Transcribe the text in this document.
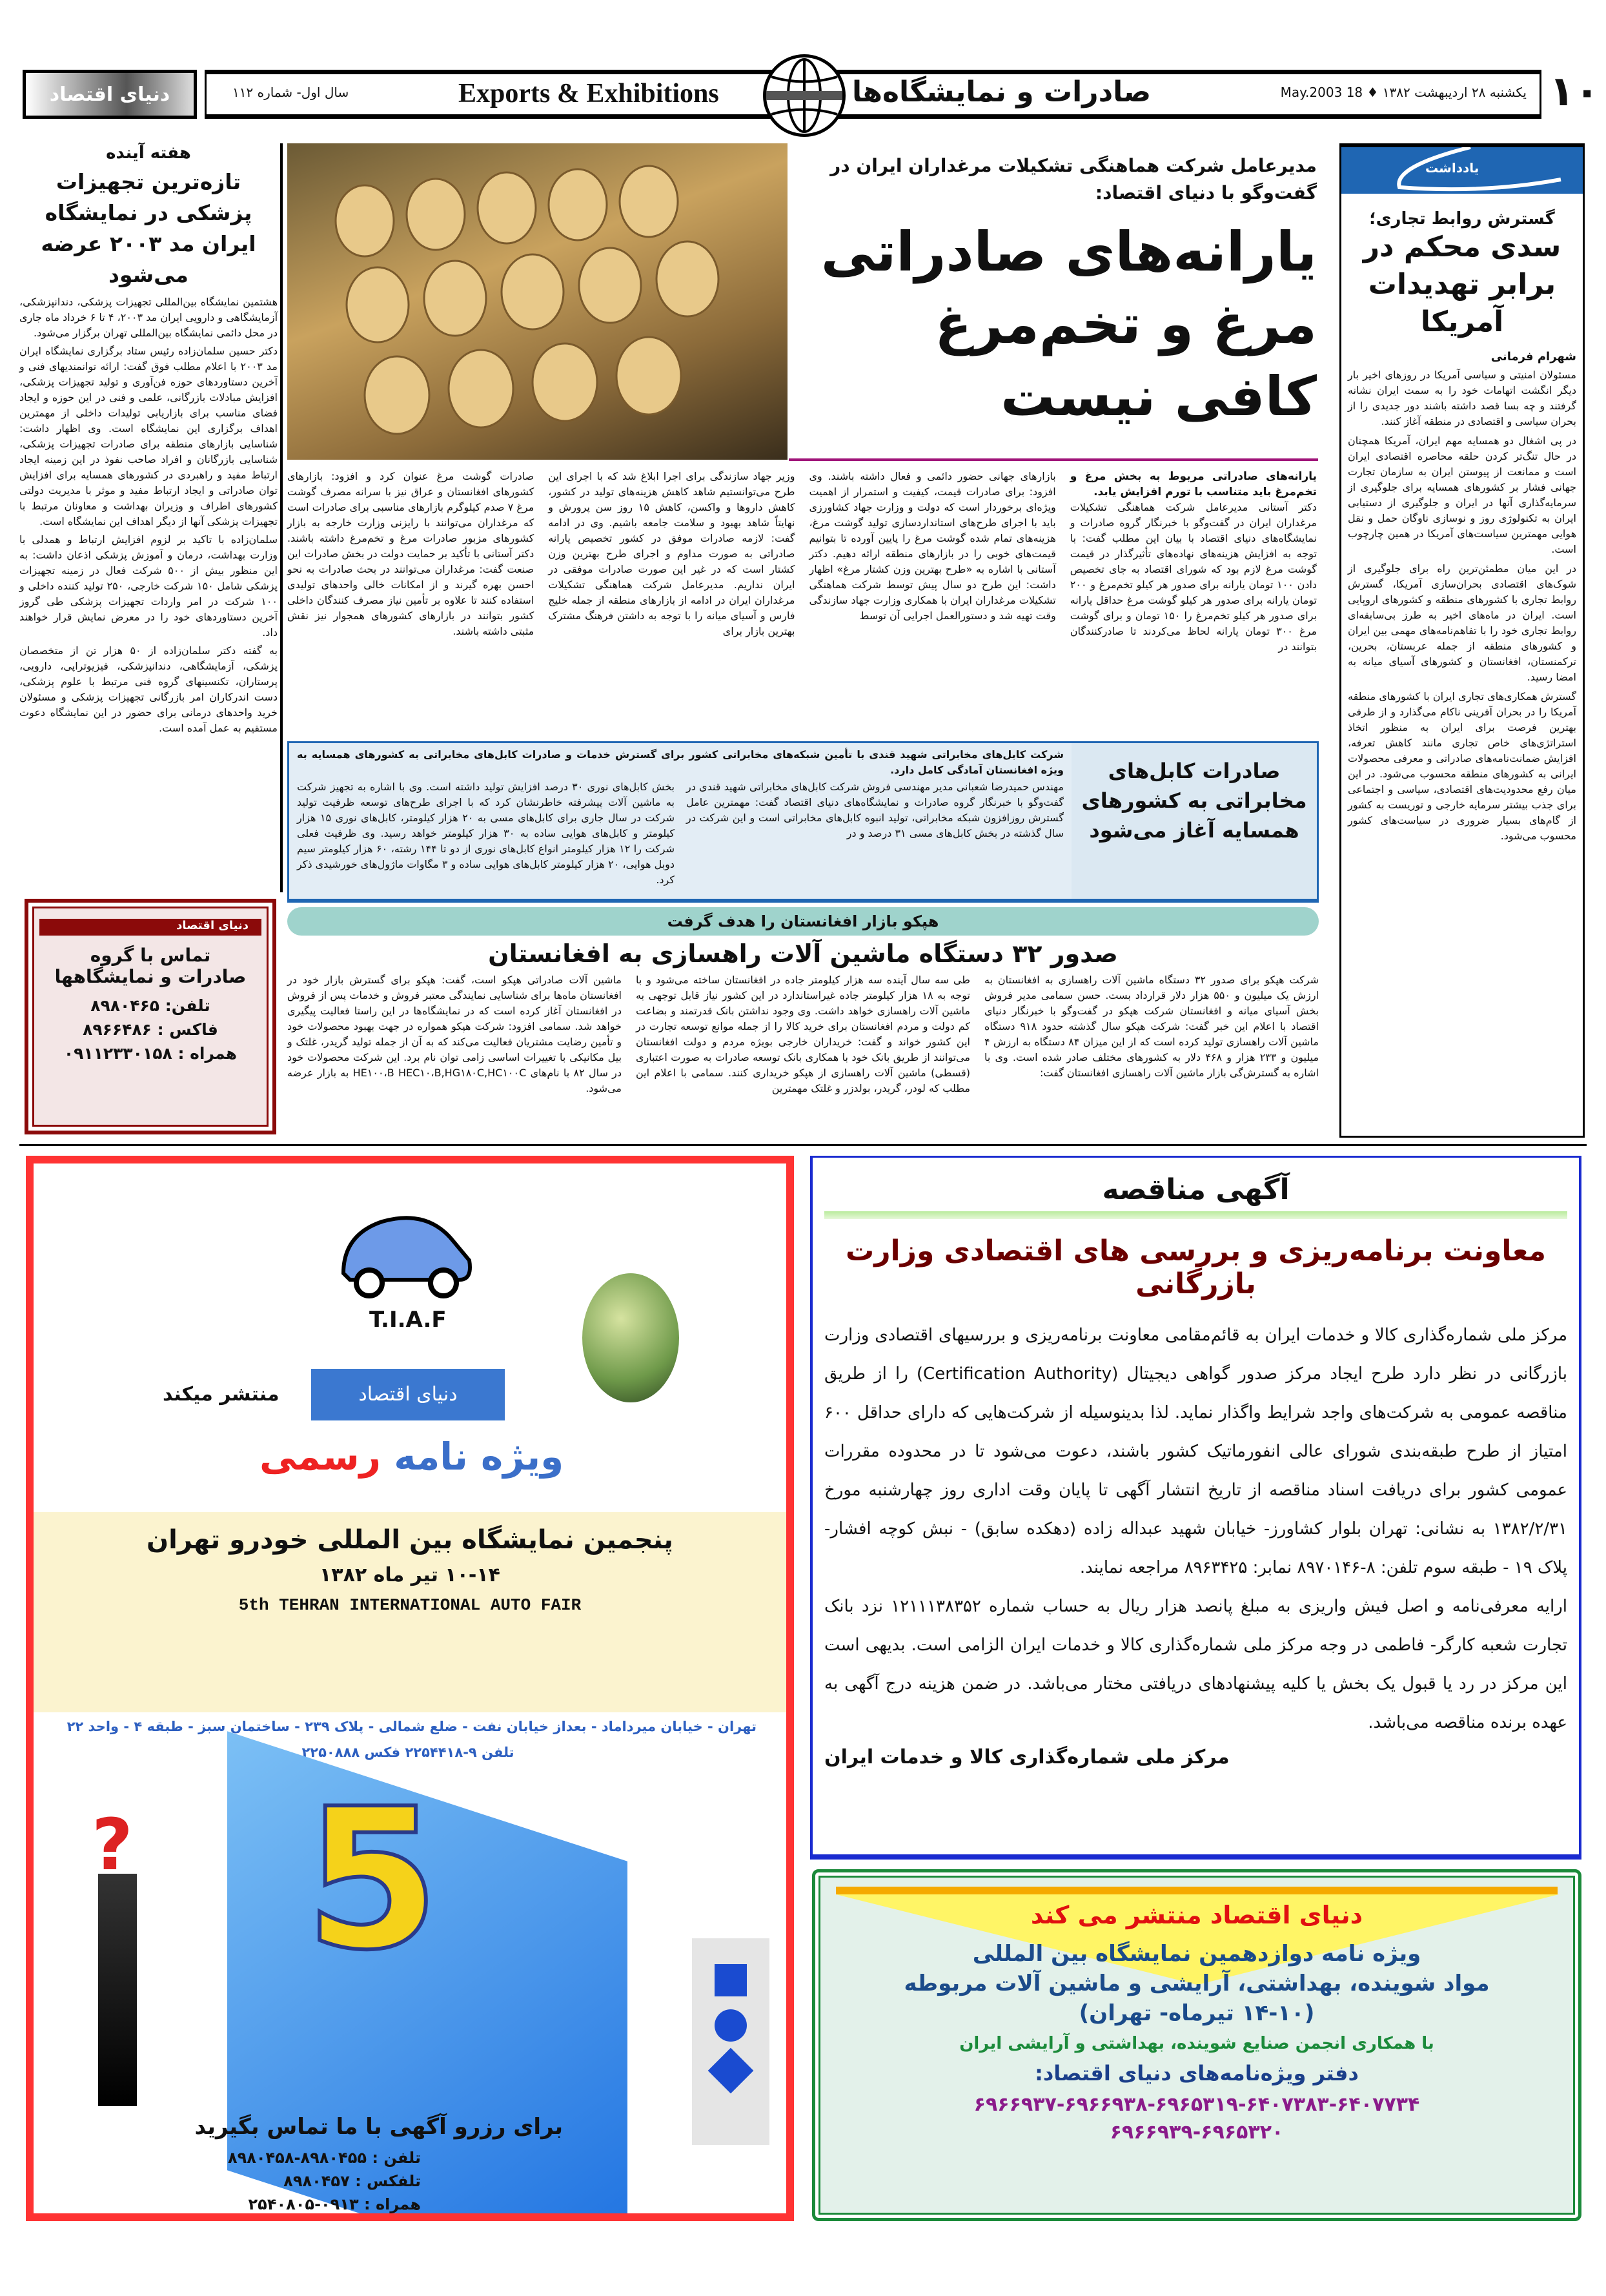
دنیای اقتصاد	سال اول- شماره ۱۱۲	Exports & Exhibitions	صادرات و نمایشگاه‌ها	یکشنبه ۲۸ اردیبهشت ۱۳۸۲ ♦ 18 May.2003 ۱۰
یادداشت
گسترش روابط تجاری؛
سدی محکم در برابر تهدیدات آمریکا
شهرام فرمانی

مسئولان امنیتی و سیاسی آمریکا در روزهای اخیر بار دیگر انگشت اتهامات خود را به سمت ایران نشانه گرفتند و چه بسا قصد داشته باشند دور جدیدی را از بحران سیاسی و اقتصادی در منطقه آغاز کنند.

در پی اشغال دو همسایه مهم ایران، آمریکا همچنان در حال تنگ‌تر کردن حلقه محاصره اقتصادی ایران است و ممانعت از پیوستن ایران به سازمان تجارت جهانی فشار بر کشورهای همسایه برای جلوگیری از سرمایه‌گذاری آنها در ایران و جلوگیری از دستیابی ایران به تکنولوژی روز و نوسازی ناوگان حمل و نقل هوایی مهمترین سیاست‌های آمریکا در همین چارچوب است.

در این میان مطمئن‌ترین راه برای جلوگیری از شوک‌های اقتصادی بحران‌سازی آمریکا، گسترش روابط تجاری با کشورهای منطقه و کشورهای اروپایی است. ایران در ماه‌های اخیر به طرز بی‌سابقه‌ای روابط تجاری خود را با تفاهم‌نامه‌های مهمی بین ایران و کشورهای منطقه از جمله عربستان، بحرین، ترکمنستان، افغانستان و کشورهای آسیای میانه به امضا رسید.

گسترش همکاری‌های تجاری ایران با کشورهای منطقه آمریکا را در بحران آفرینی ناکام می‌گذارد و از طرفی بهترین فرصت برای ایران به منظور اتخاذ استراتژی‌های خاص تجاری مانند کاهش تعرفه، افزایش ضمانت‌نامه‌های صادراتی و معرفی محصولات ایرانی به کشورهای منطقه محسوب می‌شود. در این میان رفع محدودیت‌های اقتصادی، سیاسی و اجتماعی برای جذب بیشتر سرمایه خارجی و توریست به کشور از گام‌های بسیار ضروری در سیاست‌های کشور محسوب می‌شود.

مدیرعامل شرکت هماهنگی تشکیلات مرغداران ایران در گفت‌وگو با دنیای اقتصاد:
یارانه‌های صادراتی
مرغ و تخم‌مرغ
کافی نیست

یارانه‌های صادراتی مربوط به بخش مرغ و تخم‌مرغ باید متناسب با تورم افزایش یابد.

دکتر آستانی مدیرعامل شرکت هماهنگی تشکیلات مرغداران ایران در گفت‌وگو با خبرنگار گروه صادرات و نمایشگاه‌های دنیای اقتصاد با بیان این مطلب گفت: با توجه به افزایش هزینه‌های نهاده‌های تأثیرگذار در قیمت گوشت مرغ لازم بود که شورای اقتصاد به جای تخصیص دادن ۱۰۰ تومان یارانه برای صدور هر کیلو تخم‌مرغ و ۲۰۰ تومان یارانه برای صدور هر کیلو گوشت مرغ حداقل یارانه برای صدور هر کیلو تخم‌مرغ را ۱۵۰ تومان و برای گوشت مرغ ۳۰۰ تومان یارانه لحاظ می‌کردند تا صادرکنندگان بتوانند در

بازارهای جهانی حضور دائمی و فعال داشته باشند. وی افزود: برای صادرات قیمت، کیفیت و استمرار از اهمیت ویژه‌ای برخوردار است که دولت و وزارت جهاد کشاورزی باید با اجرای طرح‌های استانداردسازی تولید گوشت مرغ، هزینه‌های تمام شده گوشت مرغ را پایین آورده تا بتوانیم قیمت‌های خوبی را در بازارهای منطقه ارائه دهیم. دکتر آستانی با اشاره به «طرح بهترین وزن کشتار مرغ» اظهار داشت: این طرح دو سال پیش توسط شرکت هماهنگی تشکیلات مرغداران ایران با همکاری وزارت جهاد سازندگی وقت تهیه شد و دستورالعمل اجرایی آن توسط

وزیر جهاد سازندگی برای اجرا ابلاغ شد که با اجرای این طرح می‌توانستیم شاهد کاهش هزینه‌های تولید در کشور، کاهش داروها و واکسن، کاهش ۱۵ روز سن پرورش و نهایتاً شاهد بهبود و سلامت جامعه باشیم. وی در ادامه گفت: لازمه صادرات موفق در کشور تخصیص یارانه صادراتی به صورت مداوم و اجرای طرح بهترین وزن کشتار است که در غیر این صورت صادرات موفقی در ایران نداریم. مدیرعامل شرکت هماهنگی تشکیلات مرغداران ایران در ادامه از بازارهای منطقه از جمله خلیج فارس و آسیای میانه را با توجه به داشتن فرهنگ مشترک بهترین بازار برای

صادرات گوشت مرغ عنوان کرد و افزود: بازارهای کشورهای افغانستان و عراق نیز با سرانه مصرف گوشت مرغ ۷ صدم کیلوگرم بازارهای مناسبی برای صادرات است که مرغداران می‌توانند با رایزنی وزارت خارجه به بازار کشورهای مزبور صادرات مرغ و تخم‌مرغ داشته باشند. دکتر آستانی با تأکید بر حمایت دولت در بخش صادرات این صنعت گفت: مرغداران می‌توانند در بحث صادرات به نحو احسن بهره گیرند و از امکانات خالی واحدهای تولیدی استفاده کنند تا علاوه بر تأمین نیاز مصرف کنندگان داخلی کشور بتوانند در بازارهای کشورهای همجوار نیز نقش مثبتی داشته باشند.

هفته آینده
تازه‌ترین تجهیزات پزشکی در نمایشگاه ایران مد ۲۰۰۳ عرضه می‌شود

هشتمین نمایشگاه بین‌المللی تجهیزات پزشکی، دندانپزشکی، آزمایشگاهی و دارویی ایران مد ۲۰۰۳، ۴ تا ۶ خرداد ماه جاری در محل دائمی نمایشگاه بین‌المللی تهران برگزار می‌شود.

دکتر حسین سلمان‌زاده رئیس ستاد برگزاری نمایشگاه ایران مد ۲۰۰۳ با اعلام مطلب فوق گفت: ارائه توانمندیهای فنی و آخرین دستاوردهای حوزه فن‌آوری و تولید تجهیزات پزشکی، افزایش مبادلات بازرگانی، علمی و فنی در این حوزه و ایجاد فضای مناسب برای بازاریابی تولیدات داخلی از مهمترین اهداف برگزاری این نمایشگاه است. وی اظهار داشت: شناسایی بازارهای منطقه برای صادرات تجهیزات پزشکی، شناسایی بازرگانان و افراد صاحب نفوذ در این زمینه ایجاد ارتباط مفید و راهبردی در کشورهای همسایه برای افزایش توان صادراتی و ایجاد ارتباط مفید و موثر با مدیریت دولتی کشورهای اطراف و وزیران بهداشت و معاونان مرتبط با تجهیزات پزشکی آنها از دیگر اهداف این نمایشگاه است.

سلمان‌زاده با تاکید بر لزوم افزایش ارتباط و همدلی با وزارت بهداشت، درمان و آموزش پزشکی اذعان داشت: به این منظور بیش از ۵۰۰ شرکت فعال در زمینه تجهیزات پزشکی شامل ۱۵۰ شرکت خارجی، ۲۵۰ تولید کننده داخلی و ۱۰۰ شرکت در امر واردات تجهیزات پزشکی طی گروز آخرین دستاوردهای خود را در معرض نمایش قرار خواهند داد.

به گفته دکتر سلمان‌زاده از ۵۰ هزار تن از متخصصان پزشکی، آزمایشگاهی، دندانپزشکی، فیزیوتراپی، دارویی، پرستاران، تکنسینهای گروه فنی مرتبط با علوم پزشکی، دست اندرکاران امر بازرگانی تجهیزات پزشکی و مسئولان خرید واحدهای درمانی برای حضور در این نمایشگاه دعوت مستقیم به عمل آمده است.

صادرات کابل‌های مخابراتی به کشورهای همسایه آغاز می‌شود

شرکت کابل‌های مخابراتی شهید قندی با تأمین شبکه‌های مخابراتی کشور برای گسترش خدمات و صادرات کابل‌های مخابراتی به کشورهای همسایه به ویژه افغانستان آمادگی کامل دارد.

مهندس حمیدرضا شعبانی مدیر مهندسی فروش شرکت کابل‌های مخابراتی شهید قندی در گفت‌وگو با خبرنگار گروه صادرات و نمایشگاه‌های دنیای اقتصاد گفت: مهمترین عامل گسترش روزافزون شبکه مخابراتی، تولید انبوه کابل‌های مخابراتی است و این شرکت در سال گذشته در بخش کابل‌های مسی ۳۱ درصد و در

بخش کابل‌های نوری ۳۰ درصد افزایش تولید داشته است. وی با اشاره به تجهیز شرکت به ماشین آلات پیشرفته خاطرنشان کرد که با اجرای طرح‌های توسعه ظرفیت تولید شرکت در سال جاری برای کابل‌های مسی به ۲۰ هزار کیلومتر، کابل‌های نوری ۱۵ هزار کیلومتر و کابل‌های هوایی ساده به ۳۰ هزار کیلومتر خواهد رسید. وی ظرفیت فعلی شرکت را ۱۲ هزار کیلومتر انواع کابل‌های نوری از دو تا ۱۴۴ رشته، ۶۰ هزار کیلومتر سیم دوبل هوایی، ۲۰ هزار کیلومتر کابل‌های هوایی ساده و ۳ مگاوات ماژول‌های خورشیدی ذکر کرد.

دنیای اقتصاد
تماس با گروه
صادرات و نمایشگاهها
تلفن: ۸۹۸۰۴۶۵
فاکس : ۸۹۶۶۴۸۶
همراه : ۰۹۱۱۲۳۳۰۱۵۸
هپکو بازار افغانستان را هدف گرفت
صدور ۳۲ دستگاه ماشین آلات راهسازی به افغانستان

شرکت هپکو برای صدور ۳۲ دستگاه ماشین آلات راهسازی به افغانستان به ارزش یک میلیون و ۵۵۰ هزار دلار قرارداد بست. حسن سمامی مدیر فروش بخش آسیای میانه و افغانستان شرکت هپکو در گفت‌وگو با خبرنگار دنیای اقتصاد با اعلام این خبر گفت: شرکت هپکو سال گذشته حدود ۹۱۸ دستگاه ماشین آلات راهسازی تولید کرده است که از این میزان ۸۴ دستگاه به ارزش ۴ میلیون و ۲۳۳ هزار و ۴۶۸ دلار به کشورهای مختلف صادر شده است. وی با اشاره به گسترش‌گی بازار ماشین آلات راهسازی افغانستان گفت:

طی سه سال آینده سه هزار کیلومتر جاده در افغانستان ساخته می‌شود و با توجه به ۱۸ هزار کیلومتر جاده غیراستاندارد در این کشور نیاز قابل توجهی به ماشین آلات راهسازی خواهد داشت. وی وجود نداشتن بانک قدرتمند و بضاعت کم دولت و مردم افغانستان برای خرید کالا را از جمله موانع توسعه تجارت در این کشور خواند و گفت: خریداران خارجی بویژه مردم و دولت افغانستان می‌توانند از طریق بانک خود با همکاری بانک توسعه صادرات به صورت اعتباری (قسطی) ماشین آلات راهسازی از هپکو خریداری کنند. سمامی با اعلام این مطلب که لودر، گریدر، بولدزر و غلتک مهمترین

ماشین آلات صادراتی هپکو است، گفت: هپکو برای گسترش بازار خود در افغانستان ماه‌ها برای شناسایی نمایندگی معتبر فروش و خدمات پس از فروش در افغانستان آغاز کرده است که در نمایشگاه‌ها در این راستا فعالیت پیگیری خواهد شد. سمامی افزود: شرکت هپکو همواره در جهت بهبود محصولات خود و تأمین رضایت مشتریان فعالیت می‌کند که به آن از جمله تولید گریدر، غلتک و بیل مکانیکی با تغییرات اساسی زامی توان نام برد. این شرکت محصولات خود در سال ۸۲ با نام‌های HE۱۰۰،B HEC۱۰،B,HG۱۸۰C,HC۱۰۰C به بازار عرضه می‌شود.

T.I.A.F
دنیای اقتصاد
منتشر میکند
ویژه نامه رسمی
پنجمین نمایشگاه بین المللی خودرو تهران
۱۰-۱۴ تیر ماه ۱۳۸۲
5th TEHRAN INTERNATIONAL AUTO FAIR
تهران - خیابان میرداماد - بعداز خیابان نفت - ضلع شمالی - پلاک ۲۳۹ - ساختمان سبز - طبقه ۴ - واحد ۲۲
تلفن ۹-۲۲۵۴۴۱۸ فکس ۲۲۵۰۸۸۸
5
?
برای رزرو آگهی با ما تماس بگیرید
تلفن : ۸۹۸۰۴۵۵-۸۹۸۰۴۵۸
تلفکس : ۸۹۸۰۴۵۷
همراه : ۰۹۱۳-۲۵۴۰۸۰۵
آگهی مناقصه
معاونت برنامه‌ریزی و بررسی های اقتصادی وزارت بازرگانی

مرکز ملی شماره‌گذاری کالا و خدمات ایران به قائم‌مقامی معاونت برنامه‌ریزی و بررسیهای اقتصادی وزارت بازرگانی در نظر دارد طرح ایجاد مرکز صدور گواهی دیجیتال (Certification Authority) را از طریق مناقصه عمومی به شرکت‌های واجد شرایط واگذار نماید. لذا بدینوسیله از شرکت‌هایی که دارای حداقل ۶۰۰ امتیاز از طرح طبقه‌بندی شورای عالی انفورماتیک کشور باشند، دعوت می‌شود تا در محدوده مقررات عمومی کشور برای دریافت اسناد مناقصه از تاریخ انتشار آگهی تا پایان وقت اداری روز چهارشنبه مورخ ۱۳۸۲/۲/۳۱ به نشانی: تهران بلوار کشاورز- خیابان شهید عبداله زاده (دهکده سابق) - نبش کوچه افشار- پلاک ۱۹ - طبقه سوم تلفن: ۸-۸۹۷۰۱۴۶ نمابر: ۸۹۶۳۴۲۵ مراجعه نمایند.

ارایه معرفی‌نامه و اصل فیش واریزی به مبلغ پانصد هزار ریال به حساب شماره ۱۲۱۱۱۳۸۳۵۲ نزد بانک تجارت شعبه کارگر- فاطمی در وجه مرکز ملی شماره‌گذاری کالا و خدمات ایران الزامی است. بدیهی است این مرکز در رد یا قبول یک بخش یا کلیه پیشنهادهای دریافتی مختار می‌باشد. در ضمن هزینه درج آگهی به عهده برنده مناقصه می‌باشد.

مرکز ملی شماره‌گذاری کالا و خدمات ایران
دنیای اقتصاد منتشر می کند
ویژه نامه دوازدهمین نمایشگاه بین المللی
مواد شوینده، بهداشتی، آرایشی و ماشین آلات مربوطه
(۱۴-۱۰ تیرماه- تهران)
با همکاری انجمن صنایع شوینده، بهداشتی و آرایشی ایران
دفتر ویژه‌نامه‌های دنیای اقتصاد:
۶۹۶۶۹۳۷-۶۹۶۶۹۳۸-۶۹۶۵۳۱۹-۶۴۰۷۳۸۳-۶۴۰۷۷۳۴
۶۹۶۶۹۳۹-۶۹۶۵۳۲۰
